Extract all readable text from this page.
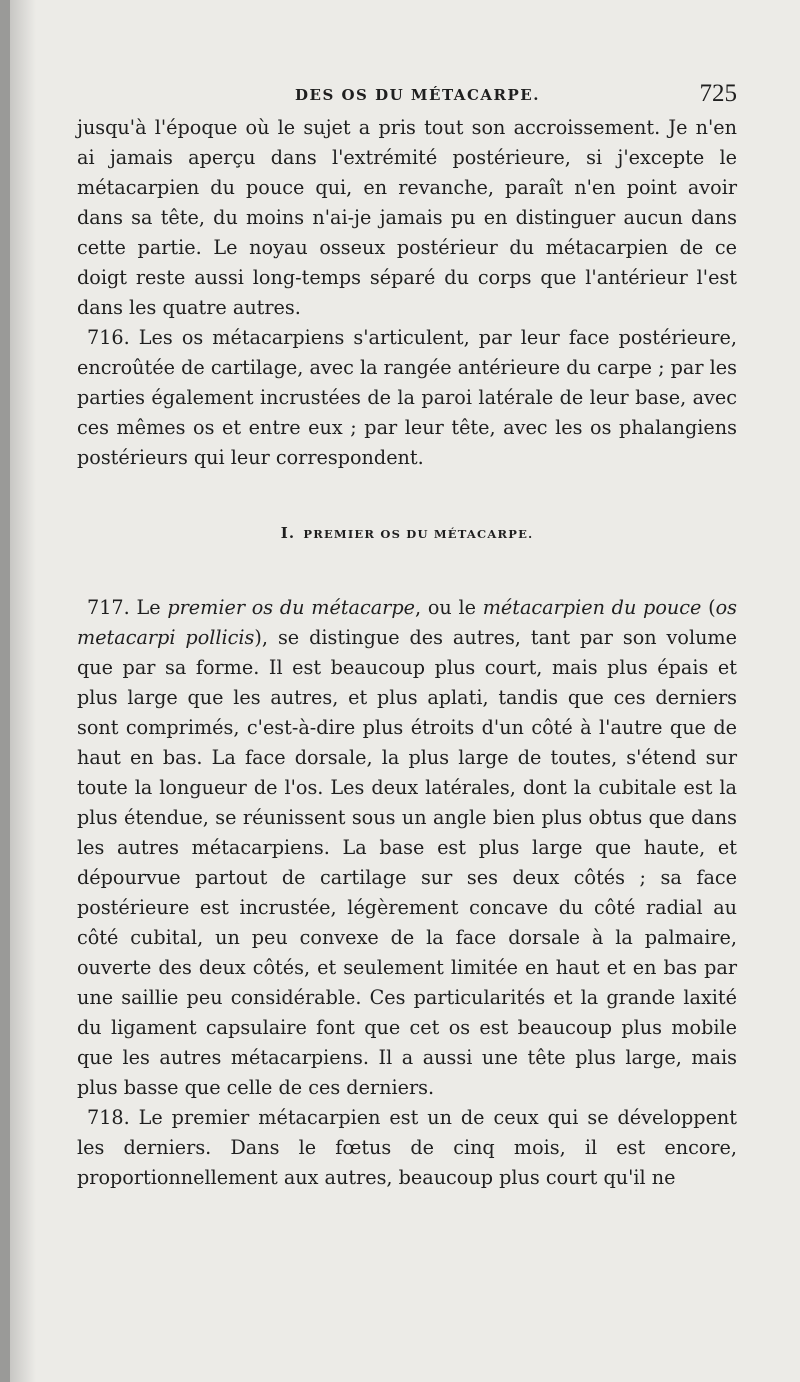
DES OS DU MÉTACARPE.	725

jusqu'à l'époque où le sujet a pris tout son accroissement. Je n'en ai jamais aperçu dans l'extrémité postérieure, si j'excepte le métacarpien du pouce qui, en revanche, paraît n'en point avoir dans sa tête, du moins n'ai-je jamais pu en distinguer aucun dans cette partie. Le noyau osseux postérieur du métacarpien de ce doigt reste aussi long-temps séparé du corps que l'antérieur l'est dans les quatre autres.

716. Les os métacarpiens s'articulent, par leur face postérieure, encroûtée de cartilage, avec la rangée antérieure du carpe ; par les parties également incrustées de la paroi latérale de leur base, avec ces mêmes os et entre eux ; par leur tête, avec les os phalangiens postérieurs qui leur correspondent.

I. PREMIER OS DU MÉTACARPE.

717. Le premier os du métacarpe, ou le métacarpien du pouce (os metacarpi pollicis), se distingue des autres, tant par son volume que par sa forme. Il est beaucoup plus court, mais plus épais et plus large que les autres, et plus aplati, tandis que ces derniers sont comprimés, c'est-à-dire plus étroits d'un côté à l'autre que de haut en bas. La face dorsale, la plus large de toutes, s'étend sur toute la longueur de l'os. Les deux latérales, dont la cubitale est la plus étendue, se réunissent sous un angle bien plus obtus que dans les autres métacarpiens. La base est plus large que haute, et dépourvue partout de cartilage sur ses deux côtés ; sa face postérieure est incrustée, légèrement concave du côté radial au côté cubital, un peu convexe de la face dorsale à la palmaire, ouverte des deux côtés, et seulement limitée en haut et en bas par une saillie peu considérable. Ces particularités et la grande laxité du ligament capsulaire font que cet os est beaucoup plus mobile que les autres métacarpiens. Il a aussi une tête plus large, mais plus basse que celle de ces derniers.

718. Le premier métacarpien est un de ceux qui se développent les derniers. Dans le fœtus de cinq mois, il est encore, proportionnellement aux autres, beaucoup plus court qu'il ne
